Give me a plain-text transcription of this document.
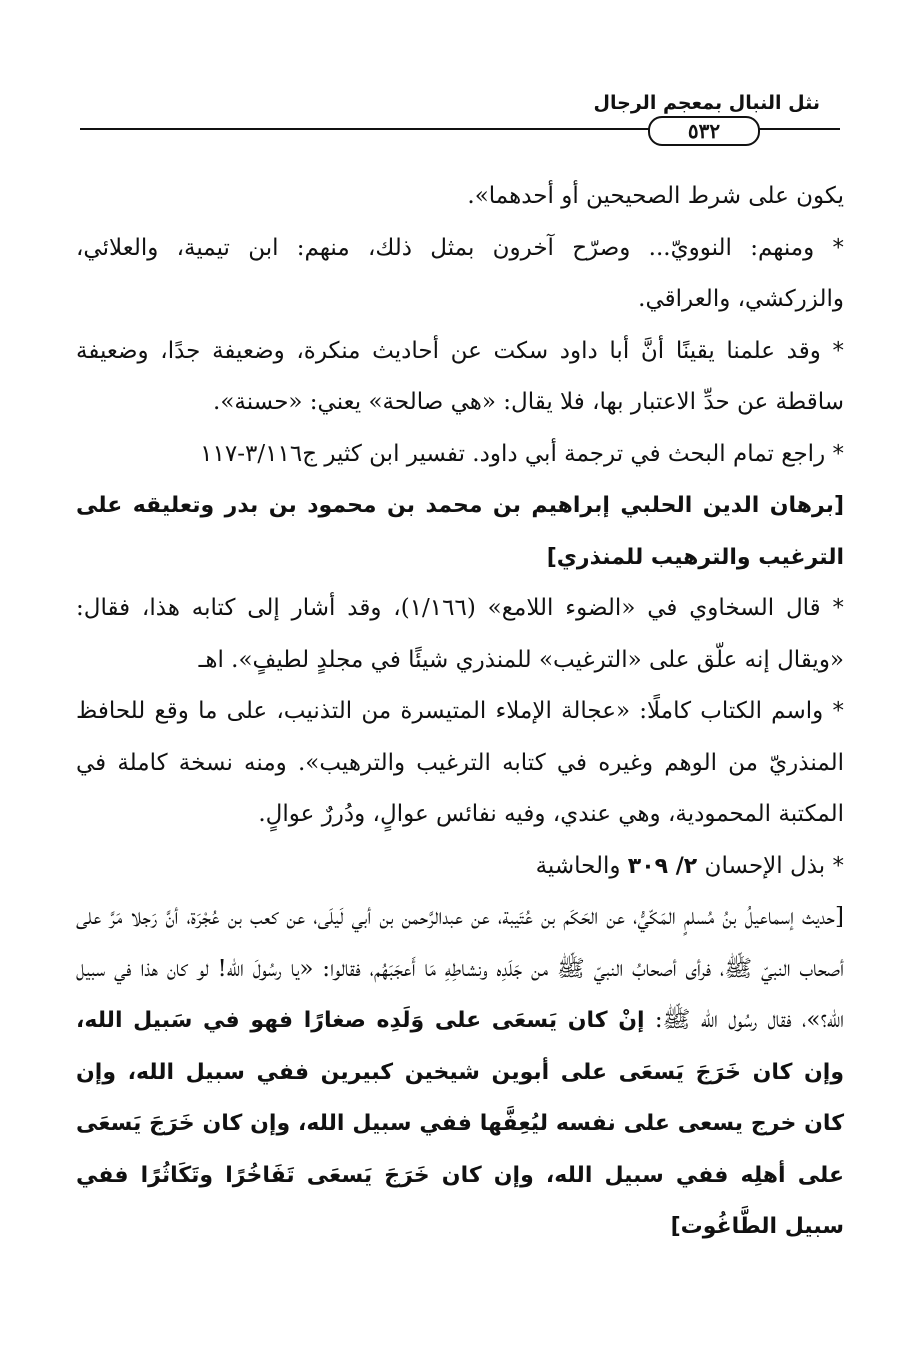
نثل النبال بمعجم الرجال
٥٣٢

يكون على شرط الصحيحين أو أحدهما».

* ومنهم: النوويّ... وصرّح آخرون بمثل ذلك، منهم: ابن تيمية، والعلائي، والزركشي، والعراقي.

* وقد علمنا يقينًا أنَّ أبا داود سكت عن أحاديث منكرة، وضعيفة جدًا، وضعيفة ساقطة عن حدِّ الاعتبار بها، فلا يقال: «هي صالحة» يعني: «حسنة».

* راجع تمام البحث في ترجمة أبي داود. تفسير ابن كثير ج٣/١١٦-١١٧

[برهان الدين الحلبي إبراهيم بن محمد بن محمود بن بدر وتعليقه على الترغيب والترهيب للمنذري]

* قال السخاوي في «الضوء اللامع» (١/١٦٦)، وقد أشار إلى كتابه هذا، فقال: «ويقال إنه علّق على «الترغيب» للمنذري شيئًا في مجلدٍ لطيفٍ». اهـ

* واسم الكتاب كاملًا: «عجالة الإملاء المتيسرة من التذنيب، على ما وقع للحافظ المنذريّ من الوهم وغيره في كتابه الترغيب والترهيب». ومنه نسخة كاملة في المكتبة المحمودية، وهي عندي، وفيه نفائس عوالٍ، ودُررٌ عوالٍ.

* بذل الإحسان ٢/ ٣٠٩ والحاشية

[حديث إسماعيلُ بنُ مُسلمٍ المَكّيُّ، عن الحَكَم بن عُتَيبة، عن عبدالرَّحمن بن أبي لَيلَى، عن كعب بن عُجْرَة، أنَّ رَجلا مَرَّ على أصحاب النبيّ ﷺ، فرأى أصحابُ النبيّ ﷺ من جَلَدِه ونشاطِهِ مَا أَعجَبَهُم، فقالوا: «يا رسُولَ الله! لو كان هذا في سبيل الله؟»، فقال رسُول الله ﷺ: إنْ كان يَسعَى على وَلَدِه صغارًا فهو في سَبيل الله، وإن كان خَرَجَ يَسعَى على أبوين شيخين كبيرين ففي سبيل الله، وإن كان خرج يسعى على نفسه ليُعِفَّها ففي سبيل الله، وإن كان خَرَجَ يَسعَى على أهلِه ففي سبيل الله، وإن كان خَرَجَ يَسعَى تَفَاخُرًا وتَكَاثُرًا ففي سبيل الطَّاغُوت]
